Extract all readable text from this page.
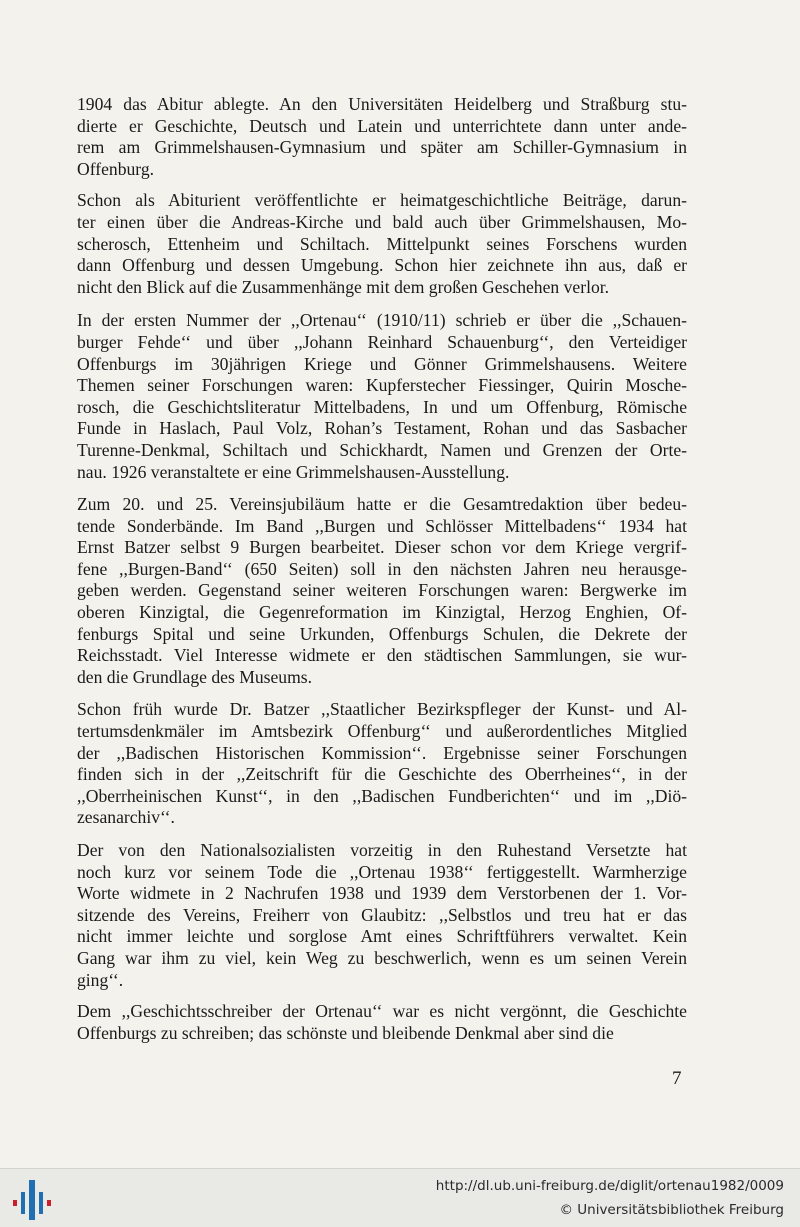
1904 das Abitur ablegte. An den Universitäten Heidelberg und Straßburg stu-
dierte er Geschichte, Deutsch und Latein und unterrichtete dann unter ande-
rem am Grimmelshausen-Gymnasium und später am Schiller-Gymnasium in
Offenburg.
Schon als Abiturient veröffentlichte er heimatgeschichtliche Beiträge, darun-
ter einen über die Andreas-Kirche und bald auch über Grimmelshausen, Mo-
scherosch, Ettenheim und Schiltach. Mittelpunkt seines Forschens wurden
dann Offenburg und dessen Umgebung. Schon hier zeichnete ihn aus, daß er
nicht den Blick auf die Zusammenhänge mit dem großen Geschehen verlor.
In der ersten Nummer der ,,Ortenau‘‘ (1910/11) schrieb er über die ,,Schauen-
burger Fehde‘‘ und über ,,Johann Reinhard Schauenburg‘‘, den Verteidiger
Offenburgs im 30jährigen Kriege und Gönner Grimmelshausens. Weitere
Themen seiner Forschungen waren: Kupferstecher Fiessinger, Quirin Mosche-
rosch, die Geschichtsliteratur Mittelbadens, In und um Offenburg, Römische
Funde in Haslach, Paul Volz, Rohan’s Testament, Rohan und das Sasbacher
Turenne-Denkmal, Schiltach und Schickhardt, Namen und Grenzen der Orte-
nau. 1926 veranstaltete er eine Grimmelshausen-Ausstellung.
Zum 20. und 25. Vereinsjubiläum hatte er die Gesamtredaktion über bedeu-
tende Sonderbände. Im Band ,,Burgen und Schlösser Mittelbadens‘‘ 1934 hat
Ernst Batzer selbst 9 Burgen bearbeitet. Dieser schon vor dem Kriege vergrif-
fene ,,Burgen-Band‘‘ (650 Seiten) soll in den nächsten Jahren neu herausge-
geben werden. Gegenstand seiner weiteren Forschungen waren: Bergwerke im
oberen Kinzigtal, die Gegenreformation im Kinzigtal, Herzog Enghien, Of-
fenburgs Spital und seine Urkunden, Offenburgs Schulen, die Dekrete der
Reichsstadt. Viel Interesse widmete er den städtischen Sammlungen, sie wur-
den die Grundlage des Museums.
Schon früh wurde Dr. Batzer ,,Staatlicher Bezirkspfleger der Kunst- und Al-
tertumsdenkmäler im Amtsbezirk Offenburg‘‘ und außerordentliches Mitglied
der ,,Badischen Historischen Kommission‘‘. Ergebnisse seiner Forschungen
finden sich in der ,,Zeitschrift für die Geschichte des Oberrheines‘‘, in der
,,Oberrheinischen Kunst‘‘, in den ,,Badischen Fundberichten‘‘ und im ,,Diö-
zesanarchiv‘‘.
Der von den Nationalsozialisten vorzeitig in den Ruhestand Versetzte hat
noch kurz vor seinem Tode die ,,Ortenau 1938‘‘ fertiggestellt. Warmherzige
Worte widmete in 2 Nachrufen 1938 und 1939 dem Verstorbenen der 1. Vor-
sitzende des Vereins, Freiherr von Glaubitz: ,,Selbstlos und treu hat er das
nicht immer leichte und sorglose Amt eines Schriftführers verwaltet. Kein
Gang war ihm zu viel, kein Weg zu beschwerlich, wenn es um seinen Verein
ging‘‘.
Dem ,,Geschichtsschreiber der Ortenau‘‘ war es nicht vergönnt, die Geschichte
Offenburgs zu schreiben; das schönste und bleibende Denkmal aber sind die
7
http://dl.ub.uni-freiburg.de/diglit/ortenau1982/0009
© Universitätsbibliothek Freiburg
